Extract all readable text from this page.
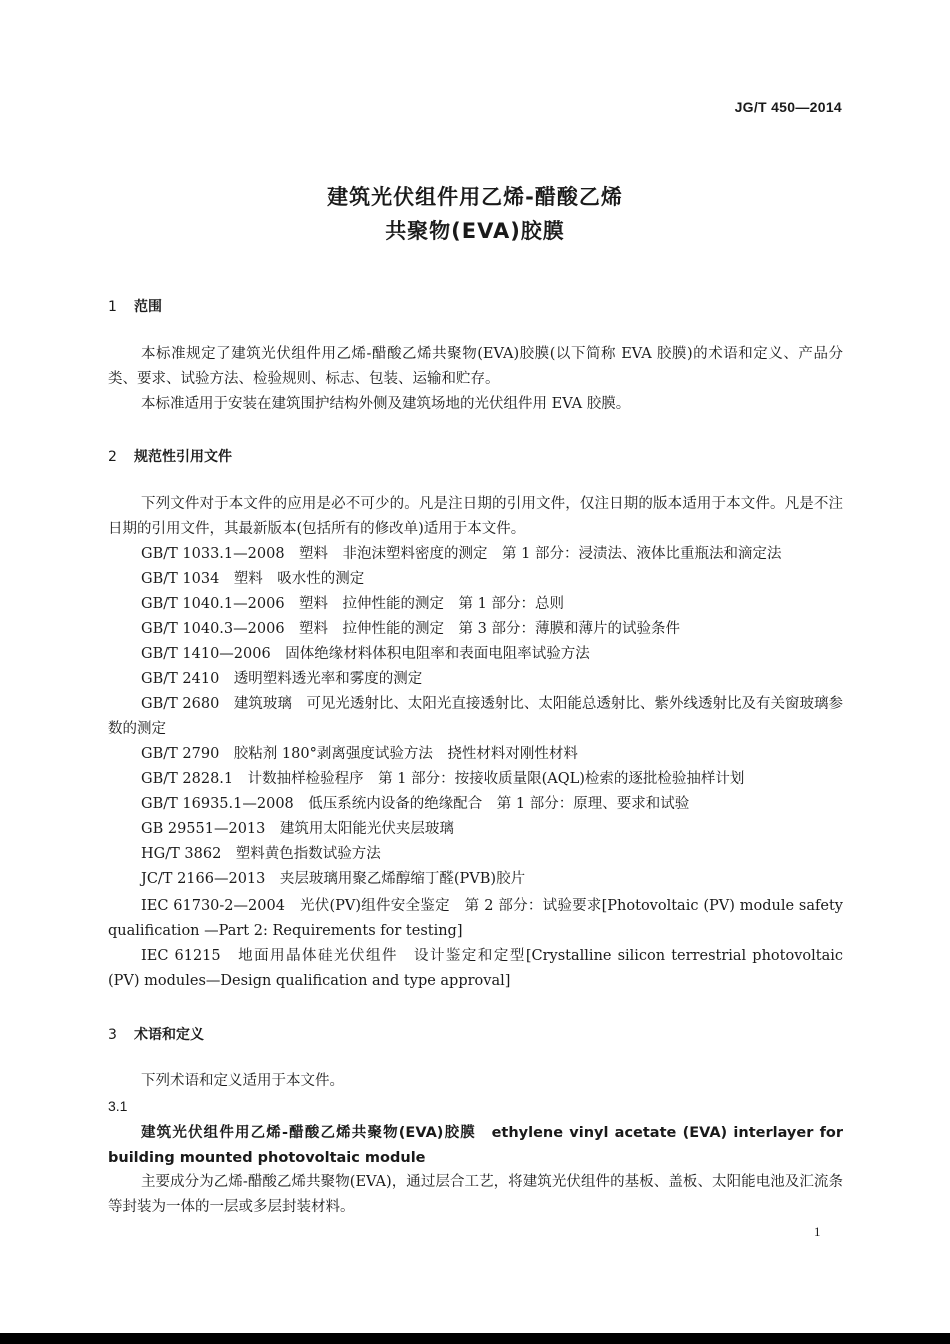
JG/T 450—2014
建筑光伏组件用乙烯-醋酸乙烯
共聚物(EVA)胶膜
1 范围
本标准规定了建筑光伏组件用乙烯-醋酸乙烯共聚物(EVA)胶膜(以下简称 EVA 胶膜)的术语和定义、产品分类、要求、试验方法、检验规则、标志、包装、运输和贮存。
本标准适用于安装在建筑围护结构外侧及建筑场地的光伏组件用 EVA 胶膜。
2 规范性引用文件
下列文件对于本文件的应用是必不可少的。凡是注日期的引用文件，仅注日期的版本适用于本文件。凡是不注日期的引用文件，其最新版本(包括所有的修改单)适用于本文件。
GB/T 1033.1—2008　塑料　非泡沫塑料密度的测定　第 1 部分：浸渍法、液体比重瓶法和滴定法
GB/T 1034　塑料　吸水性的测定
GB/T 1040.1—2006　塑料　拉伸性能的测定　第 1 部分：总则
GB/T 1040.3—2006　塑料　拉伸性能的测定　第 3 部分：薄膜和薄片的试验条件
GB/T 1410—2006　固体绝缘材料体积电阻率和表面电阻率试验方法
GB/T 2410　透明塑料透光率和雾度的测定
GB/T 2680　建筑玻璃　可见光透射比、太阳光直接透射比、太阳能总透射比、紫外线透射比及有关窗玻璃参数的测定
GB/T 2790　胶粘剂 180°剥离强度试验方法　挠性材料对刚性材料
GB/T 2828.1　计数抽样检验程序　第 1 部分：按接收质量限(AQL)检索的逐批检验抽样计划
GB/T 16935.1—2008　低压系统内设备的绝缘配合　第 1 部分：原理、要求和试验
GB 29551—2013　建筑用太阳能光伏夹层玻璃
HG/T 3862　塑料黄色指数试验方法
JC/T 2166—2013　夹层玻璃用聚乙烯醇缩丁醛(PVB)胶片
IEC 61730-2—2004　光伏(PV)组件安全鉴定　第 2 部分：试验要求[Photovoltaic (PV) module safety qualification —Part 2: Requirements for testing]
IEC 61215　地面用晶体硅光伏组件　设计鉴定和定型[Crystalline silicon terrestrial photovoltaic (PV) modules—Design qualification and type approval]
3 术语和定义
下列术语和定义适用于本文件。
3.1
建筑光伏组件用乙烯-醋酸乙烯共聚物(EVA)胶膜　ethylene vinyl acetate (EVA) interlayer for building mounted photovoltaic module
主要成分为乙烯-醋酸乙烯共聚物(EVA)，通过层合工艺，将建筑光伏组件的基板、盖板、太阳能电池及汇流条等封装为一体的一层或多层封装材料。
1
